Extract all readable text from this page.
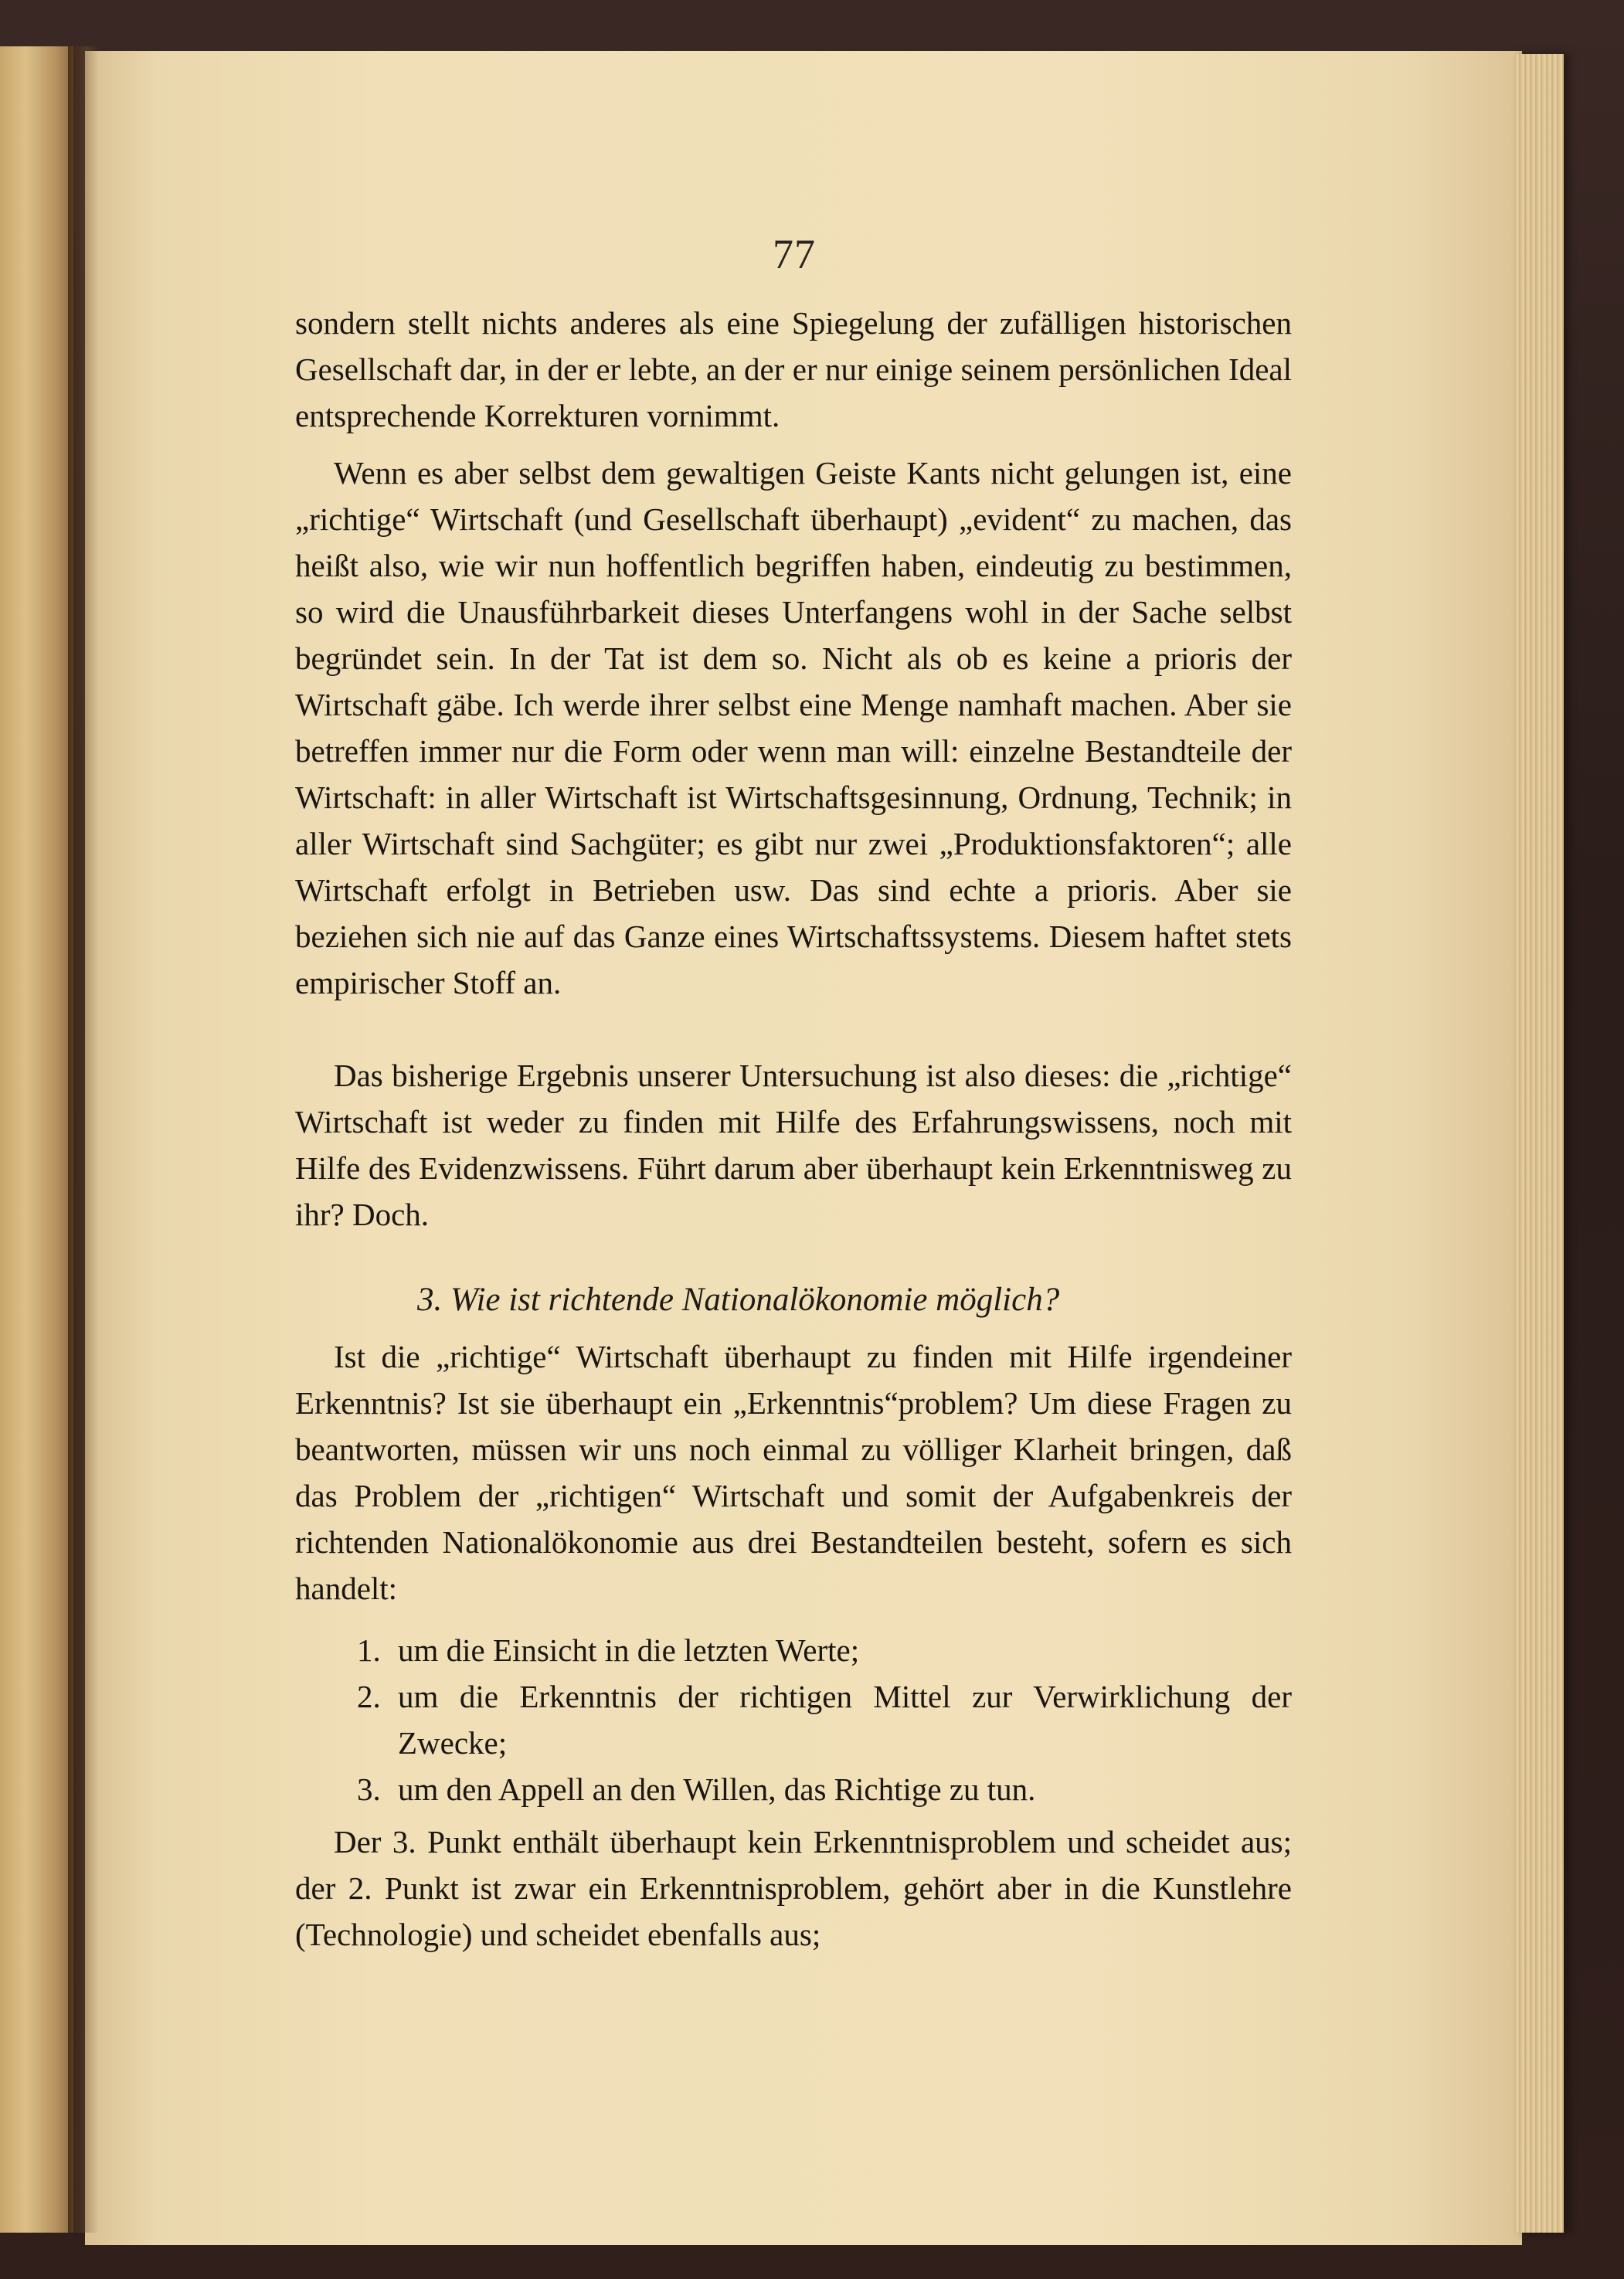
77

sondern stellt nichts anderes als eine Spiegelung der zufälligen historischen Gesellschaft dar, in der er lebte, an der er nur einige seinem persönlichen Ideal entsprechende Korrekturen vornimmt.

Wenn es aber selbst dem gewaltigen Geiste Kants nicht gelungen ist, eine „richtige“ Wirtschaft (und Gesellschaft überhaupt) „evident“ zu machen, das heißt also, wie wir nun hoffentlich begriffen haben, eindeutig zu bestimmen, so wird die Unausführbarkeit dieses Unterfangens wohl in der Sache selbst begründet sein. In der Tat ist dem so. Nicht als ob es keine a prioris der Wirtschaft gäbe. Ich werde ihrer selbst eine Menge namhaft machen. Aber sie betreffen immer nur die Form oder wenn man will: einzelne Bestandteile der Wirtschaft: in aller Wirtschaft ist Wirtschaftsgesinnung, Ordnung, Technik; in aller Wirtschaft sind Sachgüter; es gibt nur zwei „Produktionsfaktoren“; alle Wirtschaft erfolgt in Betrieben usw. Das sind echte a prioris. Aber sie beziehen sich nie auf das Ganze eines Wirtschaftssystems. Diesem haftet stets empirischer Stoff an.

Das bisherige Ergebnis unserer Untersuchung ist also dieses: die „richtige“ Wirtschaft ist weder zu finden mit Hilfe des Erfahrungswissens, noch mit Hilfe des Evidenzwissens. Führt darum aber überhaupt kein Erkenntnisweg zu ihr? Doch.

3. Wie ist richtende Nationalökonomie möglich?

Ist die „richtige“ Wirtschaft überhaupt zu finden mit Hilfe irgendeiner Erkenntnis? Ist sie überhaupt ein „Erkenntnis“problem? Um diese Fragen zu beantworten, müssen wir uns noch einmal zu völliger Klarheit bringen, daß das Problem der „richtigen“ Wirtschaft und somit der Aufgabenkreis der richtenden Nationalökonomie aus drei Bestandteilen besteht, sofern es sich handelt:

1. um die Einsicht in die letzten Werte;
2. um die Erkenntnis der richtigen Mittel zur Verwirklichung der Zwecke;
3. um den Appell an den Willen, das Richtige zu tun.

Der 3. Punkt enthält überhaupt kein Erkenntnisproblem und scheidet aus; der 2. Punkt ist zwar ein Erkenntnisproblem, gehört aber in die Kunstlehre (Technologie) und scheidet ebenfalls aus;
